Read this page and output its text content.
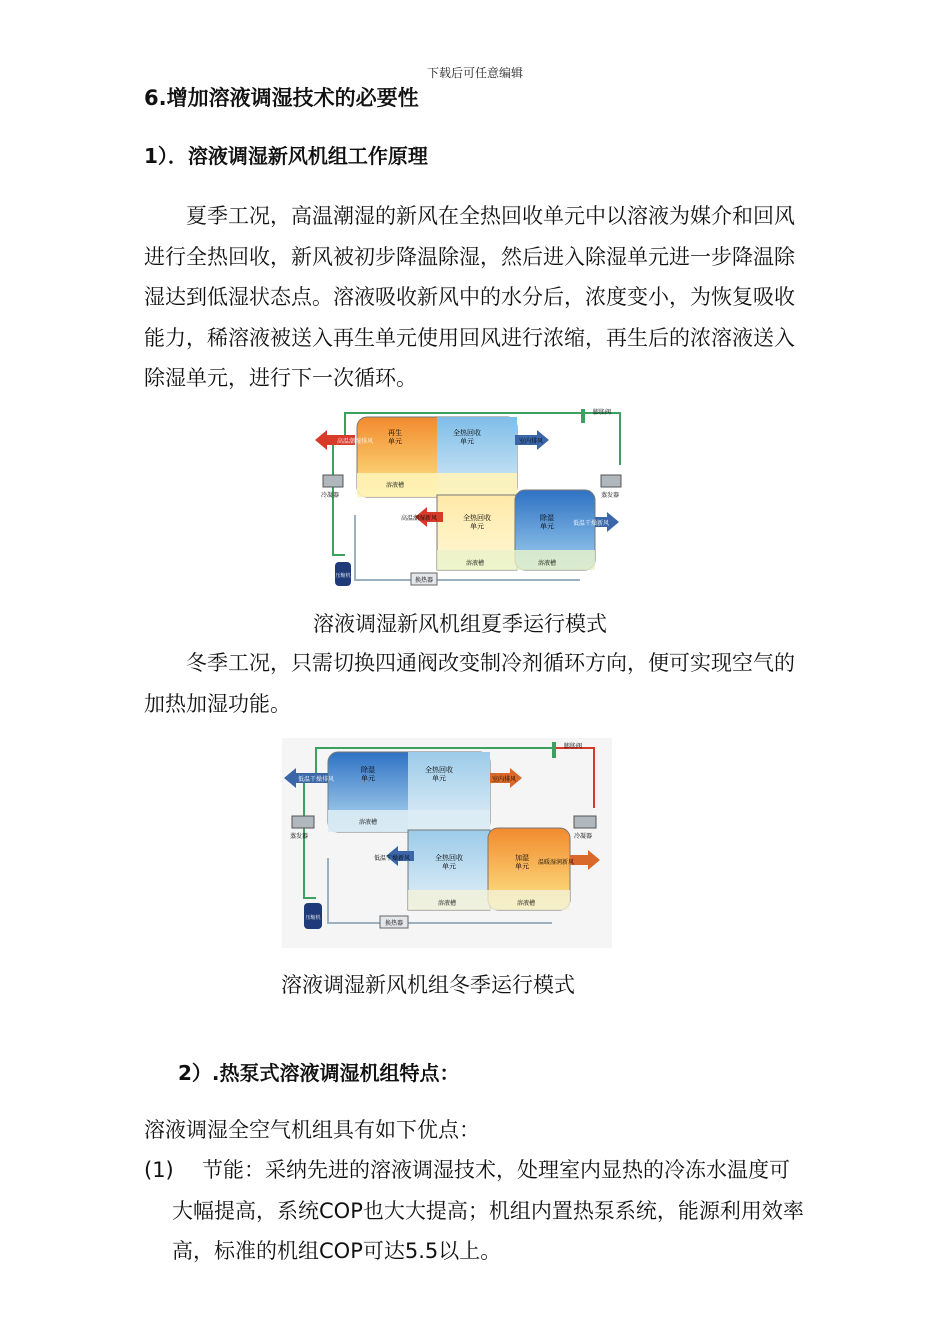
下载后可任意编辑
6.增加溶液调湿技术的必要性
1）．溶液调湿新风机组工作原理
夏季工况，高温潮湿的新风在全热回收单元中以溶液为媒介和回风进行全热回收，新风被初步降温除湿，然后进入除湿单元进一步降温除湿达到低湿状态点。溶液吸收新风中的水分后，浓度变小，为恢复吸收能力，稀溶液被送入再生单元使用回风进行浓缩，再生后的浓溶液送入除湿单元，进行下一次循环。
膨胀阀
再生单元
全热回收单元
高温潮湿排风	室内排风
冷凝器	蒸发器
溶液槽
高温潮湿新风	全热回收单元
除湿单元	低温干燥新风
溶液槽	溶液槽
换热器
压缩机
溶液调湿新风机组夏季运行模式
冬季工况，只需切换四通阀改变制冷剂循环方向，便可实现空气的加热加湿功能。
膨胀阀
除湿单元
全热回收单元
低温干燥排风	室内排风
蒸发器	冷凝器
溶液槽
低温干燥新风	全热回收单元
加湿单元 温暖湿润新风
溶液槽	溶液槽
换热器
压缩机
溶液调湿新风机组冬季运行模式
2）.热泵式溶液调湿机组特点：
溶液调湿全空气机组具有如下优点：
(1)	节能：采纳先进的溶液调湿技术，处理室内显热的冷冻水温度可大幅提高，系统COP也大大提高；机组内置热泵系统，能源利用效率高，标准的机组COP可达5.5以上。
